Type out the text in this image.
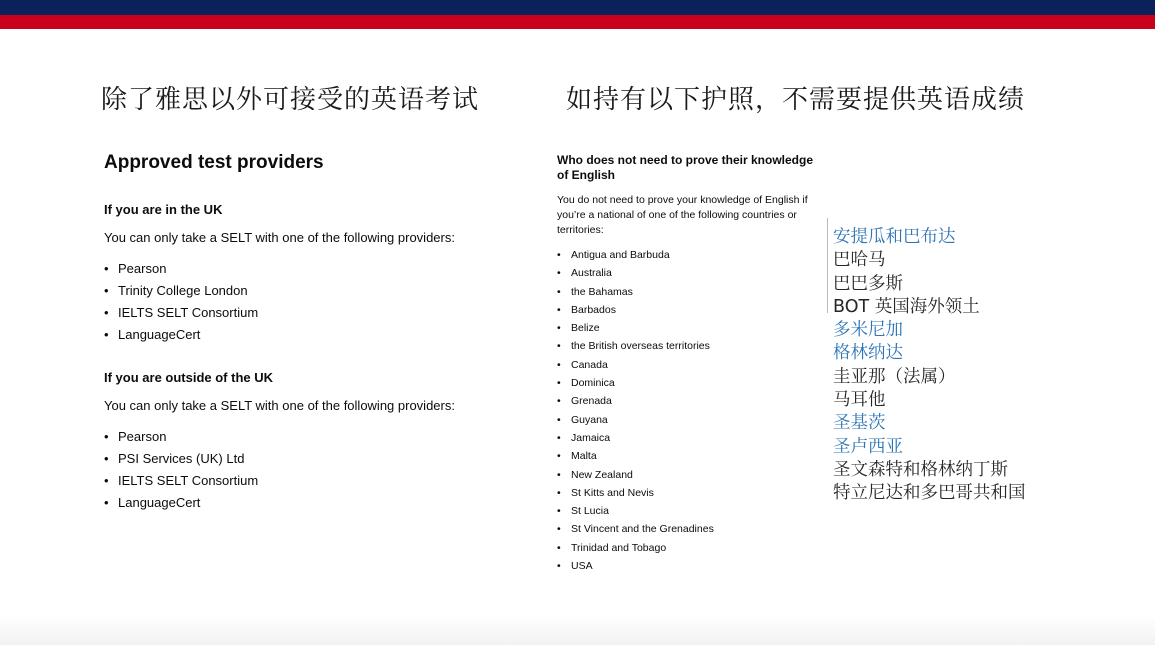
除了雅思以外可接受的英语考试	如持有以下护照，不需要提供英语成绩
Approved test providers
If you are in the UK

You can only take a SELT with one of the following providers:

• Pearson
• Trinity College London
• IELTS SELT Consortium
• LanguageCert
If you are outside of the UK

You can only take a SELT with one of the following providers:

• Pearson
• PSI Services (UK) Ltd
• IELTS SELT Consortium
• LanguageCert
Who does not need to prove their knowledge of English

You do not need to prove your knowledge of English if you’re a national of one of the following countries or territories:

• Antigua and Barbuda
• Australia
• the Bahamas
• Barbados
• Belize
• the British overseas territories
• Canada
• Dominica
• Grenada
• Guyana
• Jamaica
• Malta
• New Zealand
• St Kitts and Nevis
• St Lucia
• St Vincent and the Grenadines
• Trinidad and Tobago
• USA
安提瓜和巴布达
巴哈马
巴巴多斯
BOT 英国海外领土
多米尼加
格林纳达
圭亚那（法属）
马耳他
圣基茨
圣卢西亚
圣文森特和格林纳丁斯
特立尼达和多巴哥共和国
